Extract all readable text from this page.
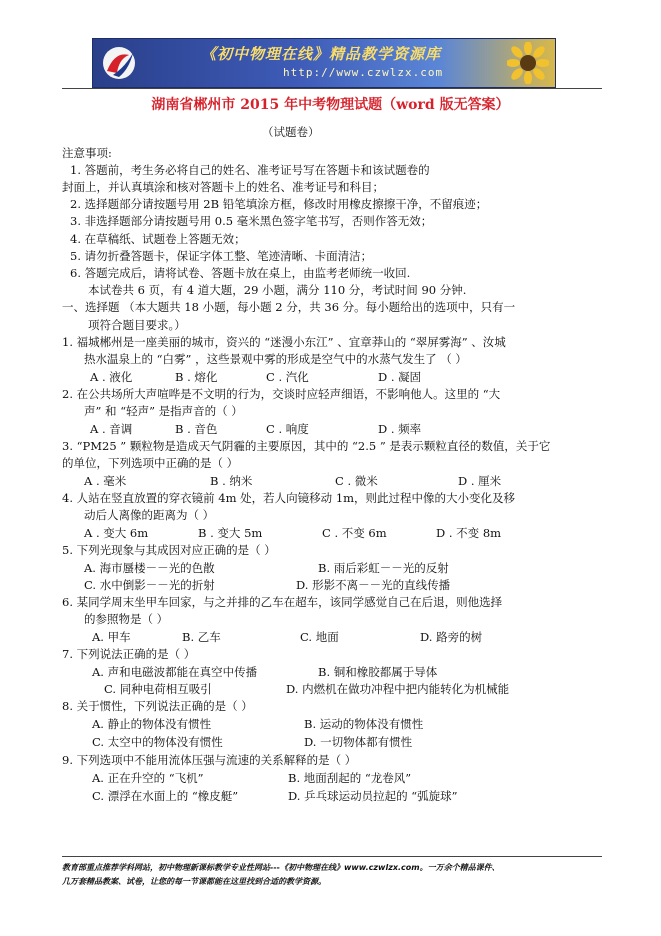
《初中物理在线》精品教学资源库
http://www.czwlzx.com
湖南省郴州市 2015 年中考物理试题（word 版无答案）
（试题卷）
注意事项:
1. 答题前，考生务必将自己的姓名、准考证号写在答题卡和该试题卷的
封面上，并认真填涂和核对答题卡上的姓名、准考证号和科目；
2. 选择题部分请按题号用 2B 铅笔填涂方框，修改时用橡皮擦擦干净，不留痕迹；
3. 非选择题部分请按题号用 0.5 毫米黑色签字笔书写，否则作答无效；
4. 在草稿纸、试题卷上答题无效；
5. 请勿折叠答题卡，保证字体工整、笔迹清晰、卡面清洁；
6. 答题完成后，请将试卷、答题卡放在桌上，由监考老师统一收回.
本试卷共 6 页，有 4 道大题，29 小题，满分 110 分，考试时间 90 分钟.
一、选择题 （本大题共 18 小题，每小题 2 分，共 36 分。每小题给出的选项中，只有一
项符合题目要求。）
1. 福城郴州是一座美丽的城市，资兴的 “迷漫小东江” 、宜章莽山的 “翠屏雾海” 、汝城
热水温泉上的 “白雾” ，这些景观中雾的形成是空气中的水蒸气发生了 （ ）
A . 液化	B . 熔化	C . 汽化	D . 凝固
2. 在公共场所大声喧哗是不文明的行为，交谈时应轻声细语，不影响他人。这里的 “大
声” 和 “轻声” 是指声音的（ ）
A . 音调	B . 音色	C . 响度	D . 频率
3. “PM25 ” 颗粒物是造成天气阴霾的主要原因，其中的 “2.5 ” 是表示颗粒直径的数值，关于它
的单位，下列选项中正确的是（ ）
A . 毫米	B . 纳米	C . 微米	D . 厘米
4. 人站在竖直放置的穿衣镜前 4m 处，若人向镜移动 1m，则此过程中像的大小变化及移
动后人离像的距离为（ ）
A . 变大 6m	B . 变大 5m	C . 不变 6m	D . 不变 8m
5. 下列光现象与其成因对应正确的是（ ）
A. 海市蜃楼－－光的色散	B. 雨后彩虹－－光的反射
C. 水中倒影－－光的折射	D. 形影不离－－光的直线传播
6. 某同学周末坐甲车回家，与之并排的乙车在超车，该同学感觉自己在后退，则他选择
的参照物是（ ）
A. 甲车	B. 乙车	C. 地面	D. 路旁的树
7. 下列说法正确的是（ ）
A. 声和电磁波都能在真空中传播	B. 铜和橡胶都属于导体
C. 同种电荷相互吸引	D. 内燃机在做功冲程中把内能转化为机械能
8. 关于惯性，下列说法正确的是（ ）
A. 静止的物体没有惯性	B. 运动的物体没有惯性
C. 太空中的物体没有惯性	D. 一切物体都有惯性
9. 下列选项中不能用流体压强与流速的关系解释的是（ ）
A. 正在升空的 “飞机”	B. 地面刮起的 “龙卷风”
C. 漂浮在水面上的 “橡皮艇”	D. 乒乓球运动员拉起的 “弧旋球”
教育部重点推荐学科网站，初中物理新课标教学专业性网站---《初中物理在线》www.czwlzx.com。一万余个精品课件、
几万套精品教案、试卷，让您的每一节课都能在这里找到合适的教学资源。
